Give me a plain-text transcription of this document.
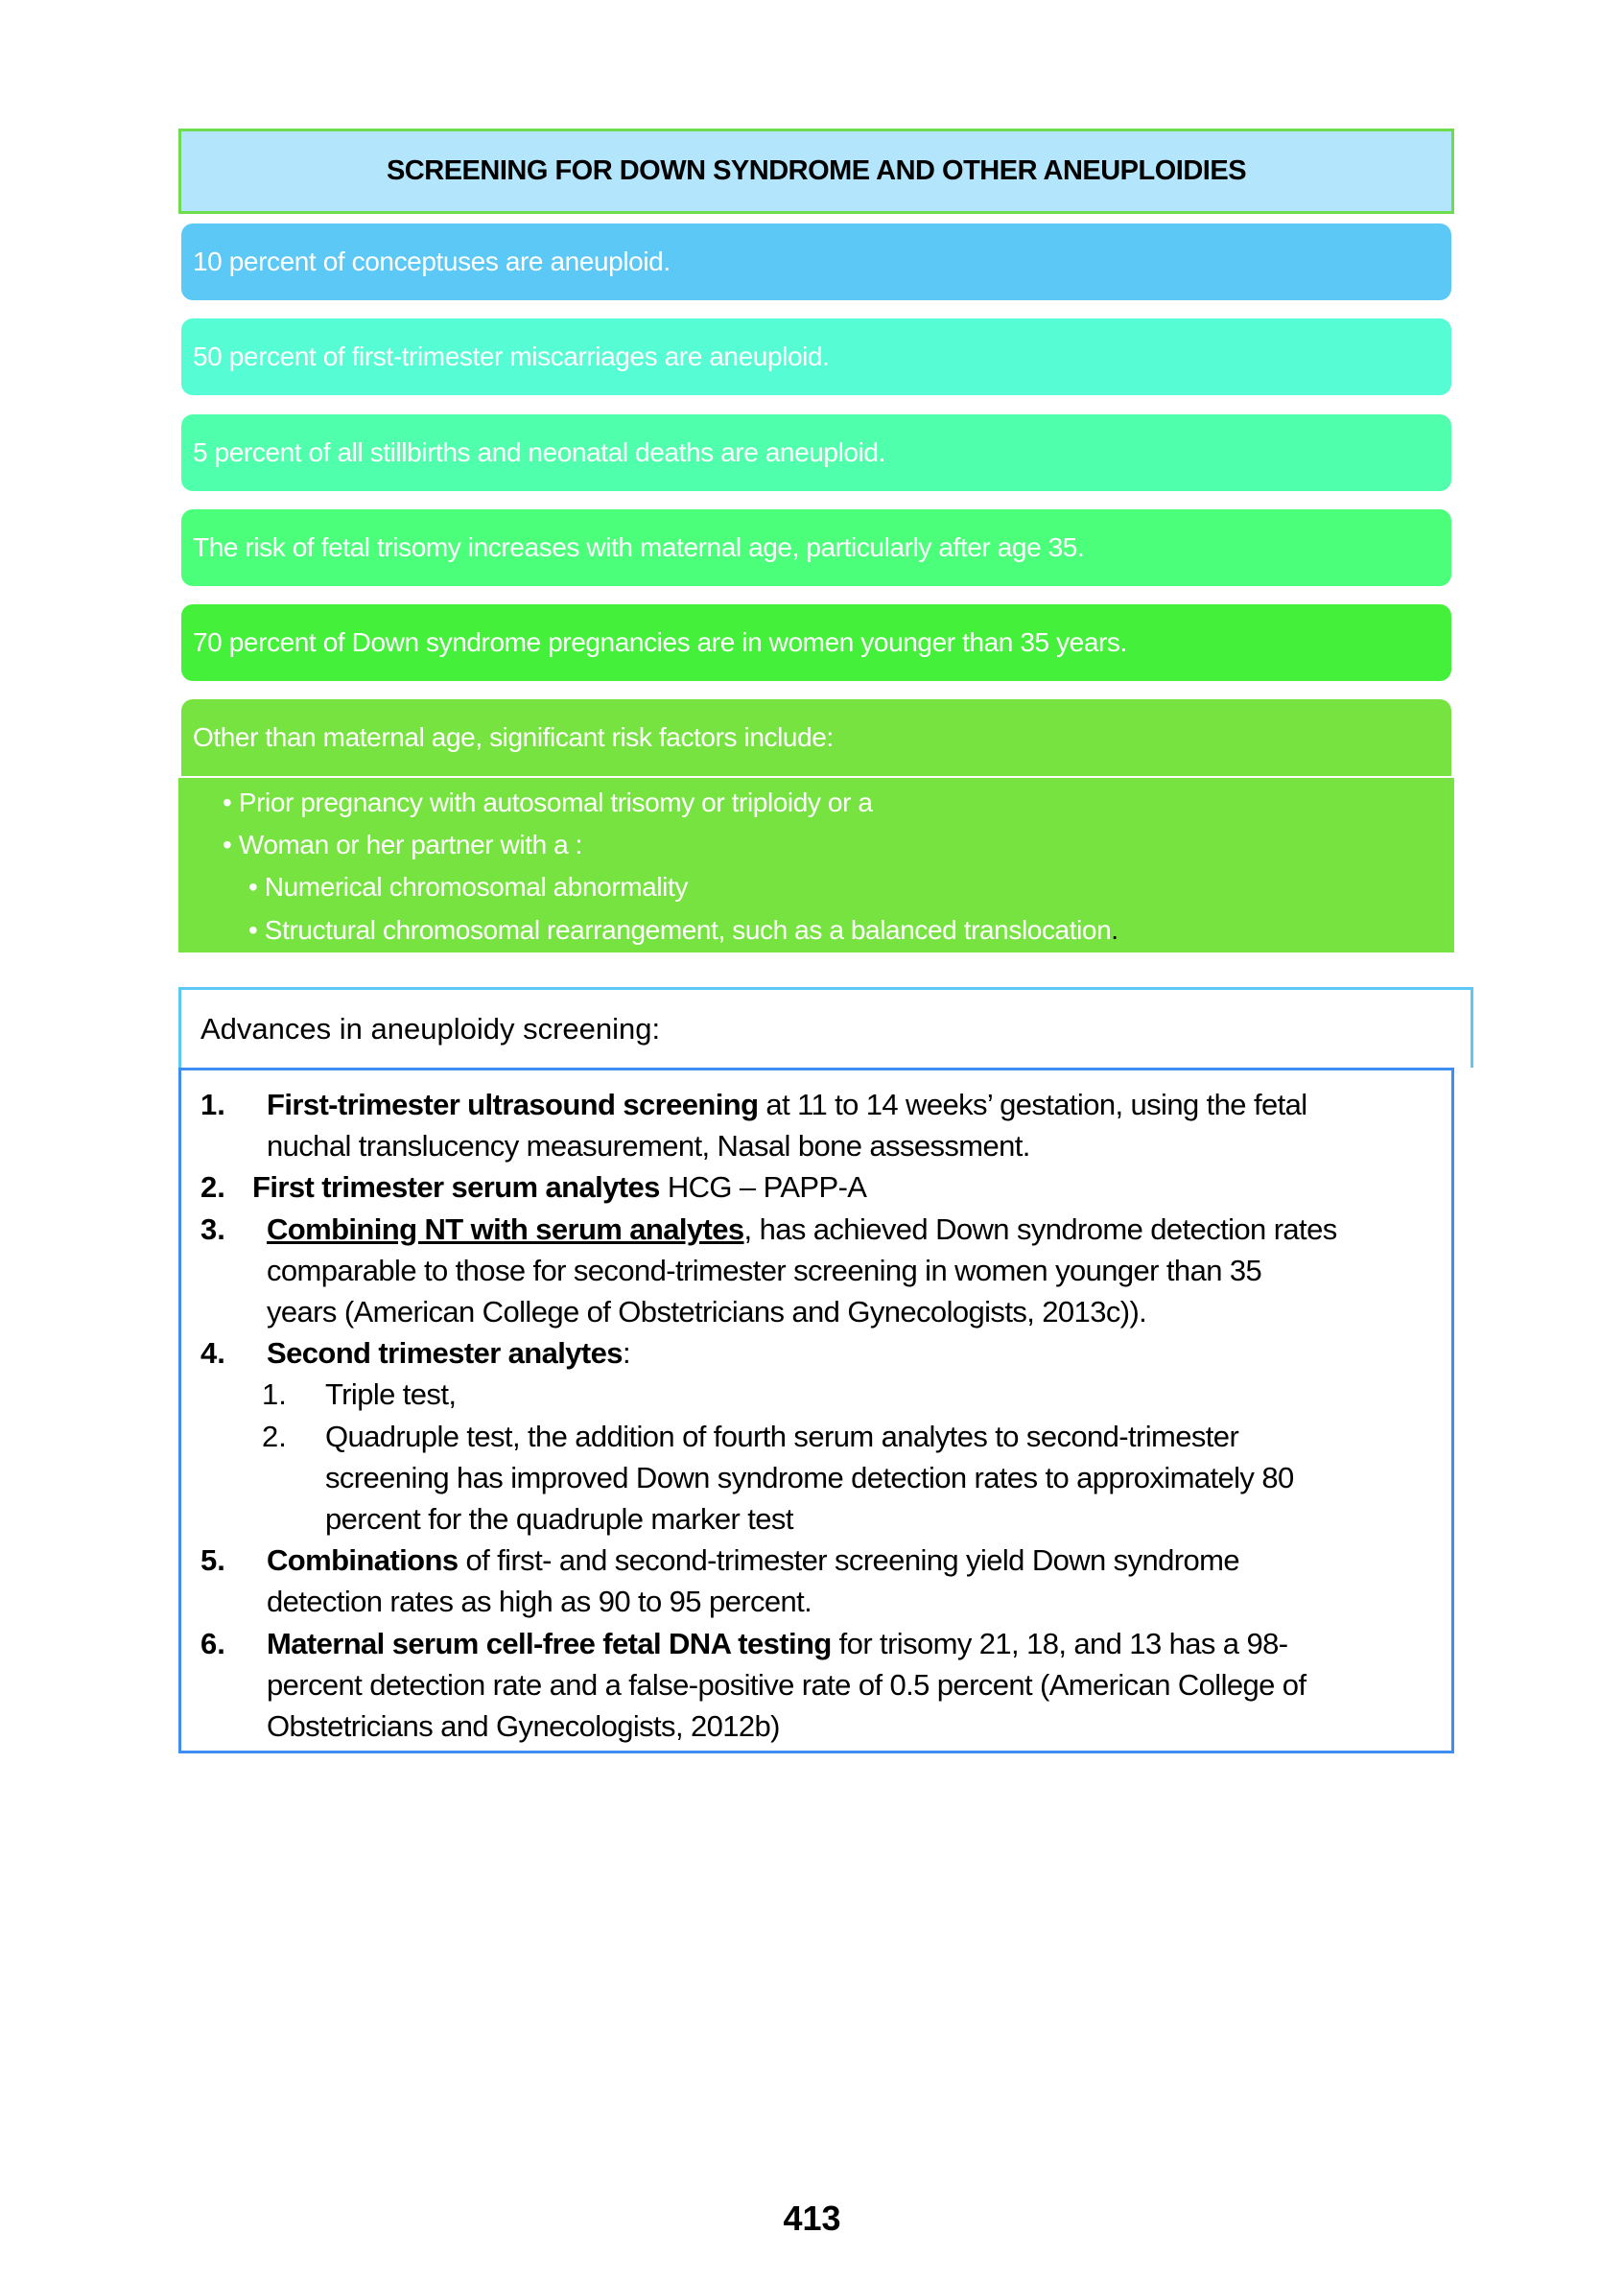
SCREENING FOR DOWN SYNDROME AND OTHER ANEUPLOIDIES
10 percent of conceptuses are aneuploid.
50 percent of first-trimester miscarriages are aneuploid.
5 percent of all stillbirths and neonatal deaths are aneuploid.
The risk of fetal trisomy increases with maternal age, particularly after age 35.
70 percent of Down syndrome pregnancies are in women younger than 35 years.
Other than maternal age, significant risk factors include:
• Prior pregnancy with autosomal trisomy or triploidy or a
• Woman or her partner with a :
• Numerical chromosomal abnormality
• Structural chromosomal rearrangement, such as a balanced translocation.
Advances in aneuploidy screening:
1. First-trimester ultrasound screening at 11 to 14 weeks’ gestation, using the fetal
nuchal translucency measurement, Nasal bone assessment.
2. First trimester serum analytes HCG – PAPP-A
3. Combining NT with serum analytes, has achieved Down syndrome detection rates
comparable to those for second-trimester screening in women younger than 35
years (American College of Obstetricians and Gynecologists, 2013c)).
4. Second trimester analytes:
1. Triple test,
2. Quadruple test, the addition of fourth serum analytes to second-trimester
screening has improved Down syndrome detection rates to approximately 80
percent for the quadruple marker test
5. Combinations of first- and second-trimester screening yield Down syndrome
detection rates as high as 90 to 95 percent.
6. Maternal serum cell-free fetal DNA testing for trisomy 21, 18, and 13 has a 98-
percent detection rate and a false-positive rate of 0.5 percent (American College of
Obstetricians and Gynecologists, 2012b)
413
